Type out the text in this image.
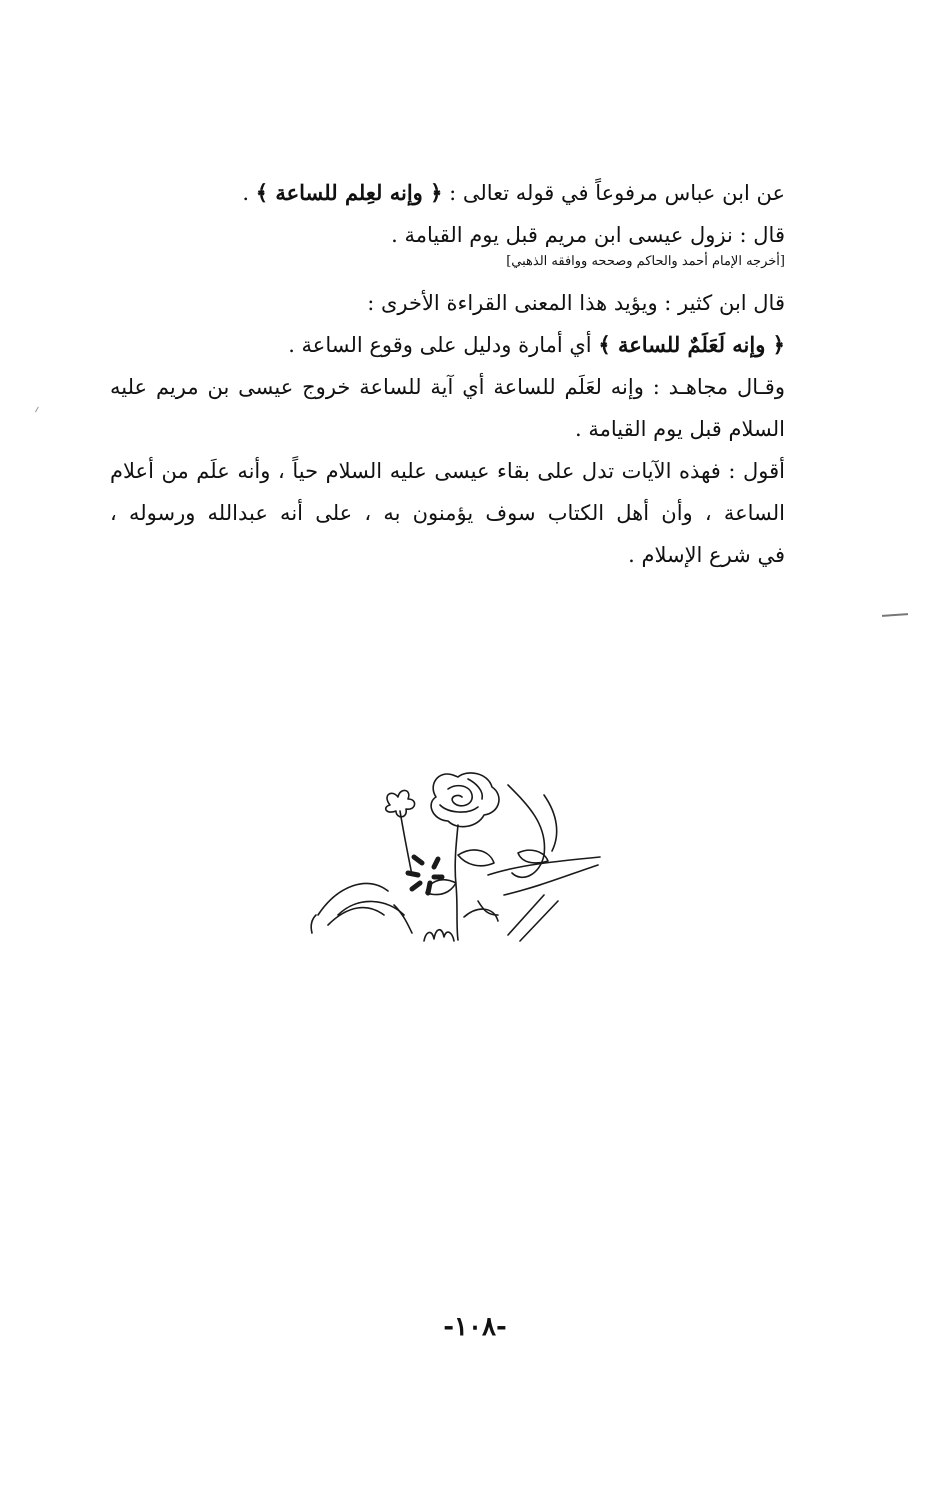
عن ابن عباس مرفوعاً في قوله تعالى : ﴿ وإنه لعِلم للساعة ﴾ .
قال : نزول عيسى ابن مريم قبل يوم القيامة .
[أخرجه الإمام أحمد والحاكم وصححه ووافقه الذهبي]
قال ابن كثير : ويؤيد هذا المعنى القراءة الأخرى :
﴿ وإنه لَعَلَمٌ للساعة ﴾ أي أمارة ودليل على وقوع الساعة .
وقـال مجاهـد : وإنه لعَلَم للساعة أي آية للساعة خروج عيسى بن مريم عليه
السلام قبل يوم القيامة .
أقول : فهذه الآيات تدل على بقاء عيسى عليه السلام حياً ، وأنه علَم من أعلام
الساعة ، وأن أهل الكتاب سوف يؤمنون به ، على أنه عبدالله ورسوله ،
في شرع الإسلام .
-١٠٨-
